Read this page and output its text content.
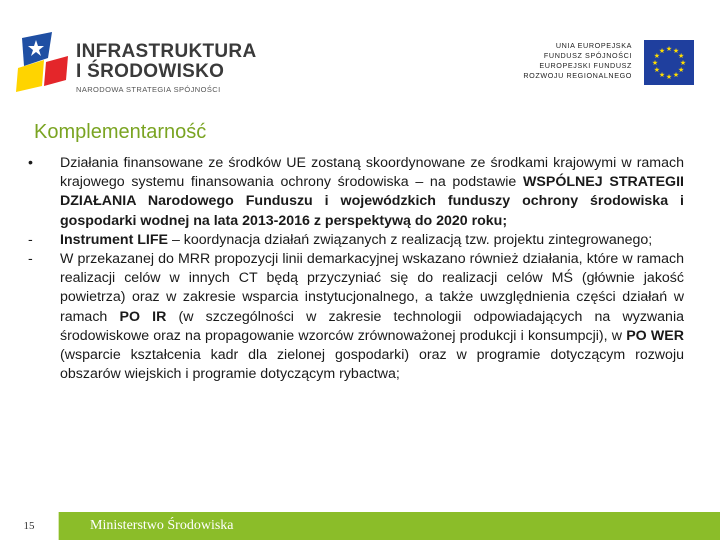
INFRASTRUKTURA
I ŚRODOWISKO
NARODOWA STRATEGIA SPÓJNOŚCI
UNIA EUROPEJSKA
FUNDUSZ SPÓJNOŚCI
EUROPEJSKI FUNDUSZ
ROZWOJU REGIONALNEGO
★ ★
★
★
★
★
★
★
★
★
★
★
Komplementarność
•	Działania finansowane ze środków UE zostaną skoordynowane ze środkami krajowymi w ramach krajowego systemu finansowania ochrony środowiska – na podstawie WSPÓLNEJ STRATEGII DZIAŁANIA Narodowego Funduszu i wojewódzkich funduszy ochrony środowiska i gospodarki wodnej na lata 2013-2016 z perspektywą do 2020 roku;

-	Instrument LIFE – koordynacja działań związanych z realizacją tzw. projektu zintegrowanego;

-	W przekazanej do MRR propozycji linii demarkacyjnej wskazano również działania, które w ramach realizacji celów w innych CT będą przyczyniać się do realizacji celów MŚ (głównie jakość powietrza) oraz w zakresie wsparcia instytucjonalnego, a także uwzględnienia części działań w ramach PO IR (w szczególności w zakresie technologii odpowiadających na wyzwania środowiskowe oraz na propagowanie wzorców zrównoważonej produkcji i konsumpcji), w PO WER (wsparcie kształcenia kadr dla zielonej gospodarki) oraz w programie dotyczącym rozwoju obszarów wiejskich i programie dotyczącym rybactwa;

15	Ministerstwo Środowiska
